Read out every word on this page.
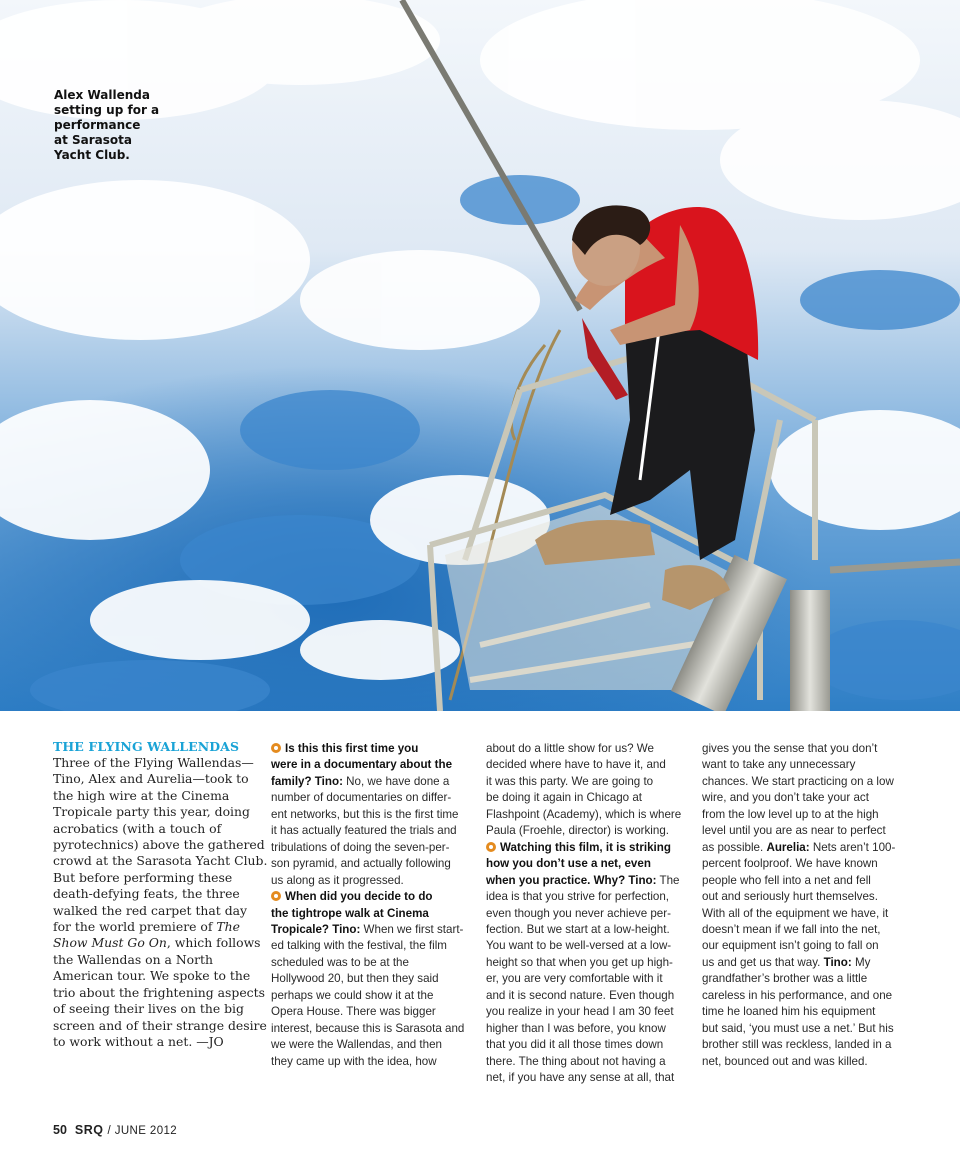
Alex Wallenda
setting up for a
performance
at Sarasota
Yacht Club.
THE FLYING WALLENDAS
Three of the Flying Wallendas—
Tino, Alex and Aurelia—took to
the high wire at the Cinema
Tropicale party this year, doing
acrobatics (with a touch of
pyrotechnics) above the gathered
crowd at the Sarasota Yacht Club.
But before performing these
death-defying feats, the three
walked the red carpet that day
for the world premiere of The
Show Must Go On, which follows
the Wallendas on a North
American tour. We spoke to the
trio about the frightening aspects
of seeing their lives on the big
screen and of their strange desire
to work without a net. —JO
Is this this first time you
were in a documentary about the
family? Tino: No, we have done a
number of documentaries on differ-
ent networks, but this is the first time
it has actually featured the trials and
tribulations of doing the seven-per-
son pyramid, and actually following
us along as it progressed.
When did you decide to do
the tightrope walk at Cinema
Tropicale? Tino: When we first start-
ed talking with the festival, the film
scheduled was to be at the
Hollywood 20, but then they said
perhaps we could show it at the
Opera House. There was bigger
interest, because this is Sarasota and
we were the Wallendas, and then
they came up with the idea, how
about do a little show for us? We
decided where have to have it, and
it was this party. We are going to
be doing it again in Chicago at
Flashpoint (Academy), which is where
Paula (Froehle, director) is working.
Watching this film, it is striking
how you don’t use a net, even
when you practice. Why? Tino: The
idea is that you strive for perfection,
even though you never achieve per-
fection. But we start at a low-height.
You want to be well-versed at a low-
height so that when you get up high-
er, you are very comfortable with it
and it is second nature. Even though
you realize in your head I am 30 feet
higher than I was before, you know
that you did it all those times down
there. The thing about not having a
net, if you have any sense at all, that
gives you the sense that you don’t
want to take any unnecessary
chances. We start practicing on a low
wire, and you don’t take your act
from the low level up to at the high
level until you are as near to perfect
as possible. Aurelia: Nets aren’t 100-
percent foolproof. We have known
people who fell into a net and fell
out and seriously hurt themselves.
With all of the equipment we have, it
doesn’t mean if we fall into the net,
our equipment isn’t going to fall on
us and get us that way. Tino: My
grandfather’s brother was a little
careless in his performance, and one
time he loaned him his equipment
but said, ‘you must use a net.’ But his
brother still was reckless, landed in a
net, bounced out and was killed.
50 SRQ / JUNE 2012
